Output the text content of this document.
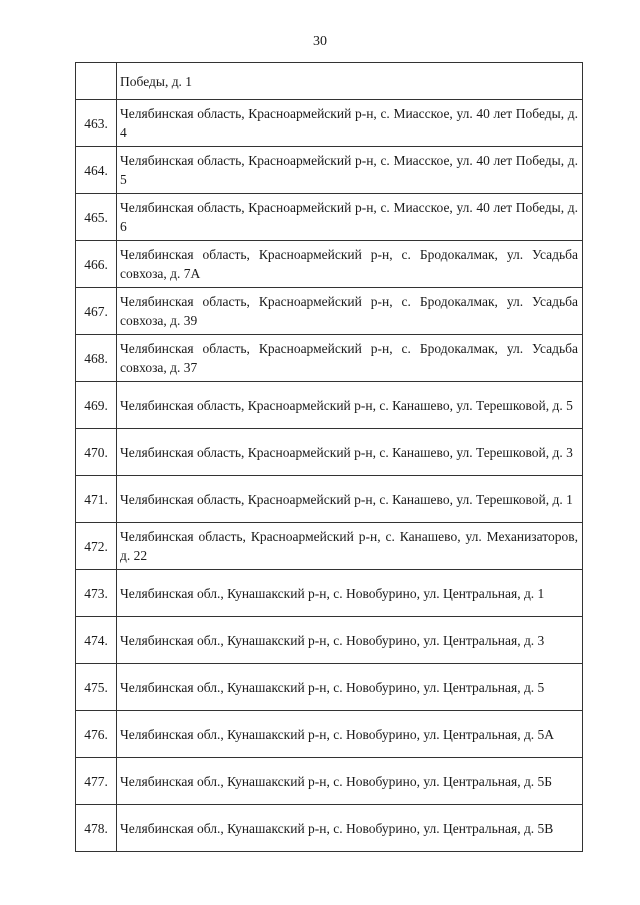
30
	Победы, д. 1
463.	Челябинская область, Красноармейский р-н, с. Миасское, ул. 40 лет Победы, д. 4
464.	Челябинская область, Красноармейский р-н, с. Миасское, ул. 40 лет Победы, д. 5
465.	Челябинская область, Красноармейский р-н, с. Миасское, ул. 40 лет Победы, д. 6
466.	Челябинская область, Красноармейский р-н, с. Бродокалмак, ул. Усадьба совхоза, д. 7А
467.	Челябинская область, Красноармейский р-н, с. Бродокалмак, ул. Усадьба совхоза, д. 39
468.	Челябинская область, Красноармейский р-н, с. Бродокалмак, ул. Усадьба совхоза, д. 37
469.	Челябинская область, Красноармейский р-н, с. Канашево, ул. Терешковой, д. 5
470.	Челябинская область, Красноармейский р-н, с. Канашево, ул. Терешковой, д. 3
471.	Челябинская область, Красноармейский р-н, с. Канашево, ул. Терешковой, д. 1
472.	Челябинская область, Красноармейский р-н, с. Канашево, ул. Механизаторов, д. 22
473.	Челябинская обл., Кунашакский р-н, с. Новобурино, ул. Центральная, д. 1
474.	Челябинская обл., Кунашакский р-н, с. Новобурино, ул. Центральная, д. 3
475.	Челябинская обл., Кунашакский р-н, с. Новобурино, ул. Центральная, д. 5
476.	Челябинская обл., Кунашакский р-н, с. Новобурино, ул. Центральная, д. 5А
477.	Челябинская обл., Кунашакский р-н, с. Новобурино, ул. Центральная, д. 5Б
478.	Челябинская обл., Кунашакский р-н, с. Новобурино, ул. Центральная, д. 5В
